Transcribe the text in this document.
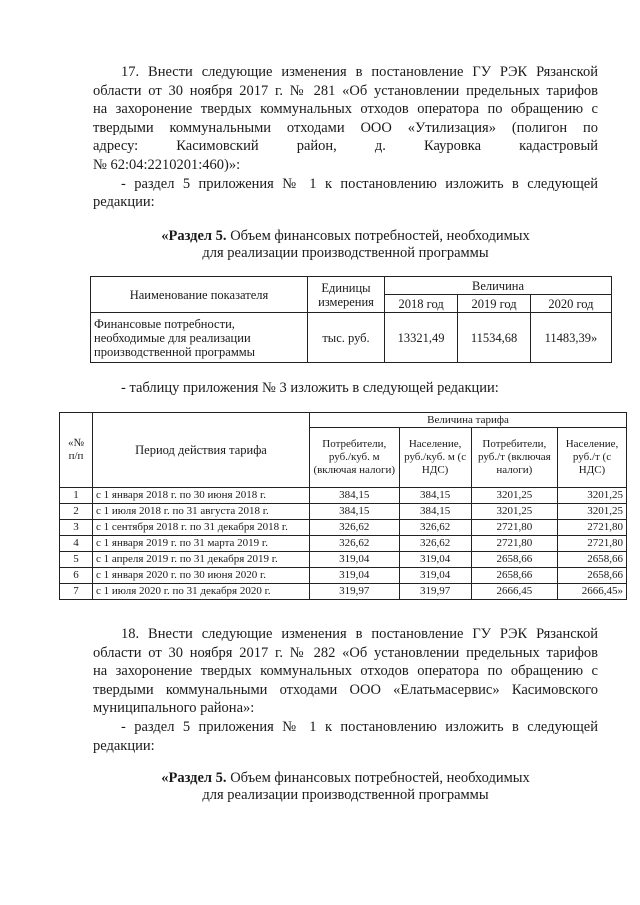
17. Внести следующие изменения в постановление ГУ РЭК Рязанской

области от 30 ноября 2017 г. № 281 «Об установлении предельных тарифов

на захоронение твердых коммунальных отходов оператора по обращению с

твердыми коммунальными отходами ООО «Утилизация» (полигон по

адресу: Касимовский район, д. Кауровка кадастровый

№ 62:04:2210201:460)»:

- раздел 5 приложения № 1 к постановлению изложить в следующей

редакции:

«Раздел 5. Объем финансовых потребностей, необходимых
для реализации производственной программы
Наименование показателя	Единицы измерения	Величина		
		2018 год	2019 год	2020 год
Финансовые потребности, необходимые для реализации производственной программы	тыс. руб.	13321,49	11534,68	11483,39»
- таблицу приложения № 3 изложить в следующей редакции:
«№ п/п	Период действия тарифа	Величина тарифа			
		Потребители, руб./куб. м (включая налоги)	Население, руб./куб. м (с НДС)	Потребители, руб./т (включая налоги)	Население, руб./т (с НДС)
1	с 1 января 2018 г. по 30 июня 2018 г.	384,15	384,15	3201,25	3201,25
2	с 1 июля 2018 г. по 31 августа 2018 г.	384,15	384,15	3201,25	3201,25
3	с 1 сентября 2018 г. по 31 декабря 2018 г.	326,62	326,62	2721,80	2721,80
4	с 1 января 2019 г. по 31 марта 2019 г.	326,62	326,62	2721,80	2721,80
5	с 1 апреля 2019 г. по 31 декабря 2019 г.	319,04	319,04	2658,66	2658,66
6	с 1 января 2020 г. по 30 июня 2020 г.	319,04	319,04	2658,66	2658,66
7	с 1 июля 2020 г. по 31 декабря 2020 г.	319,97	319,97	2666,45	2666,45»

18. Внести следующие изменения в постановление ГУ РЭК Рязанской

области от 30 ноября 2017 г. № 282 «Об установлении предельных тарифов

на захоронение твердых коммунальных отходов оператора по обращению с

твердыми коммунальными отходами ООО «Елатьмасервис» Касимовского

муниципального района»:

- раздел 5 приложения № 1 к постановлению изложить в следующей

редакции:

«Раздел 5. Объем финансовых потребностей, необходимых
для реализации производственной программы
